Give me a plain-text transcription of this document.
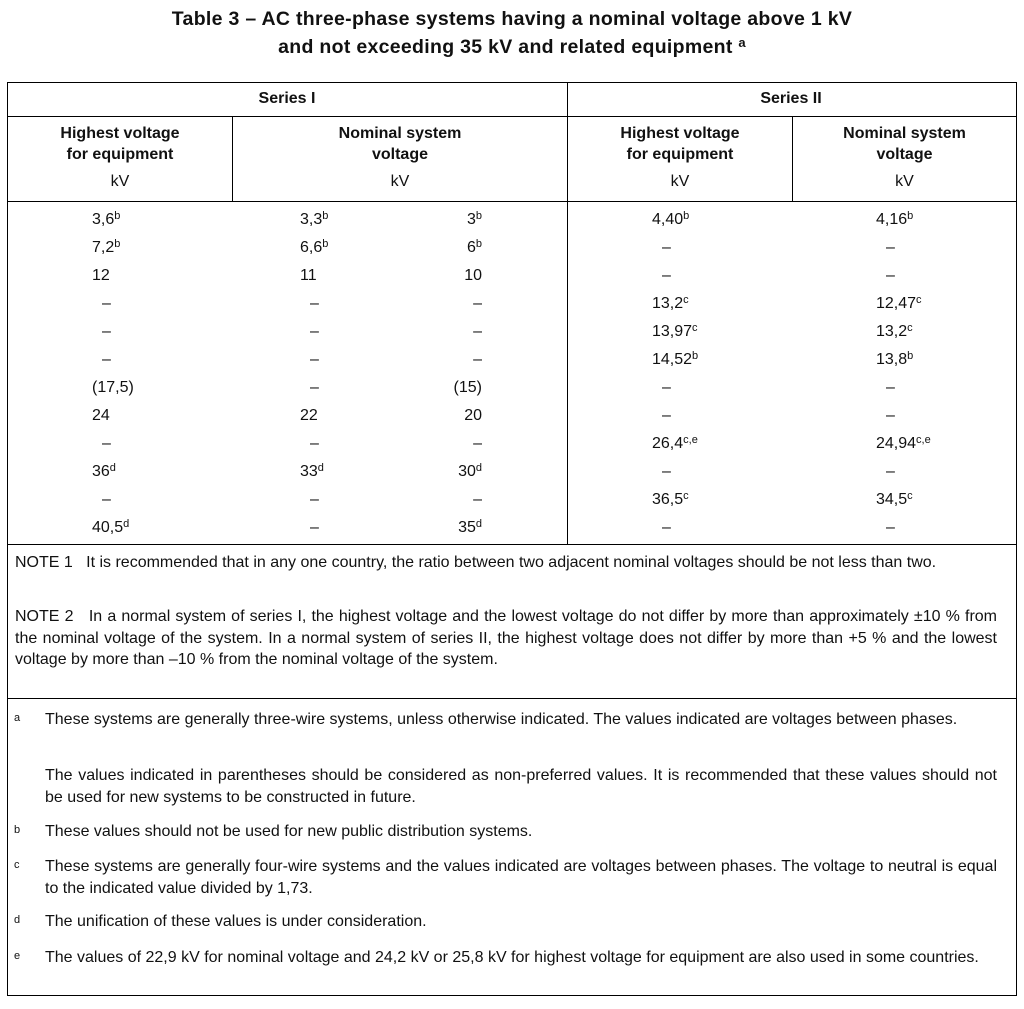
Table 3 – AC three-phase systems having a nominal voltage above 1 kV
and not exceeding 35 kV and related equipment $^a$
Series I	Series II
Highest voltage
for equipment
kV
Nominal system
voltage
kV
Highest voltage
for equipment
kV
Nominal system
voltage
kV
3,6$^b$	3,3$^b$	3$^b$	4,40$^b$	4,16$^b$
7,2$^b$	6,6$^b$	6$^b$	–	–
12	11	10	–	–
–	–	–	13,2$^c$	12,47$^c$
–	–	–	13,97$^c$	13,2$^c$
–	–	–	14,52$^b$	13,8$^b$
(17,5)	–	(15)	–	–
24	22	20	–	–
–	–	–	26,4$^{c,e}$	24,94$^{c,e}$
36$^d$	33$^d$	30$^d$	–	–
–	–	–	36,5$^c$	34,5$^c$
40,5$^d$	–	35$^d$	–	–
NOTE 1   It is recommended that in any one country, the ratio between two adjacent nominal voltages should be not less than two.
NOTE 2   In a normal system of series I, the highest voltage and the lowest voltage do not differ by more than approximately ±10 % from the nominal voltage of the system. In a normal system of series II, the highest voltage does not differ by more than +5 % and the lowest voltage by more than –10 % from the nominal voltage of the system.
a These systems are generally three-wire systems, unless otherwise indicated. The values indicated are voltages between phases.
The values indicated in parentheses should be considered as non-preferred values. It is recommended that these values should not be used for new systems to be constructed in future.
b These values should not be used for new public distribution systems.
c These systems are generally four-wire systems and the values indicated are voltages between phases. The voltage to neutral is equal to the indicated value divided by 1,73.
d The unification of these values is under consideration.
e The values of 22,9 kV for nominal voltage and 24,2 kV or 25,8 kV for highest voltage for equipment are also used in some countries.
